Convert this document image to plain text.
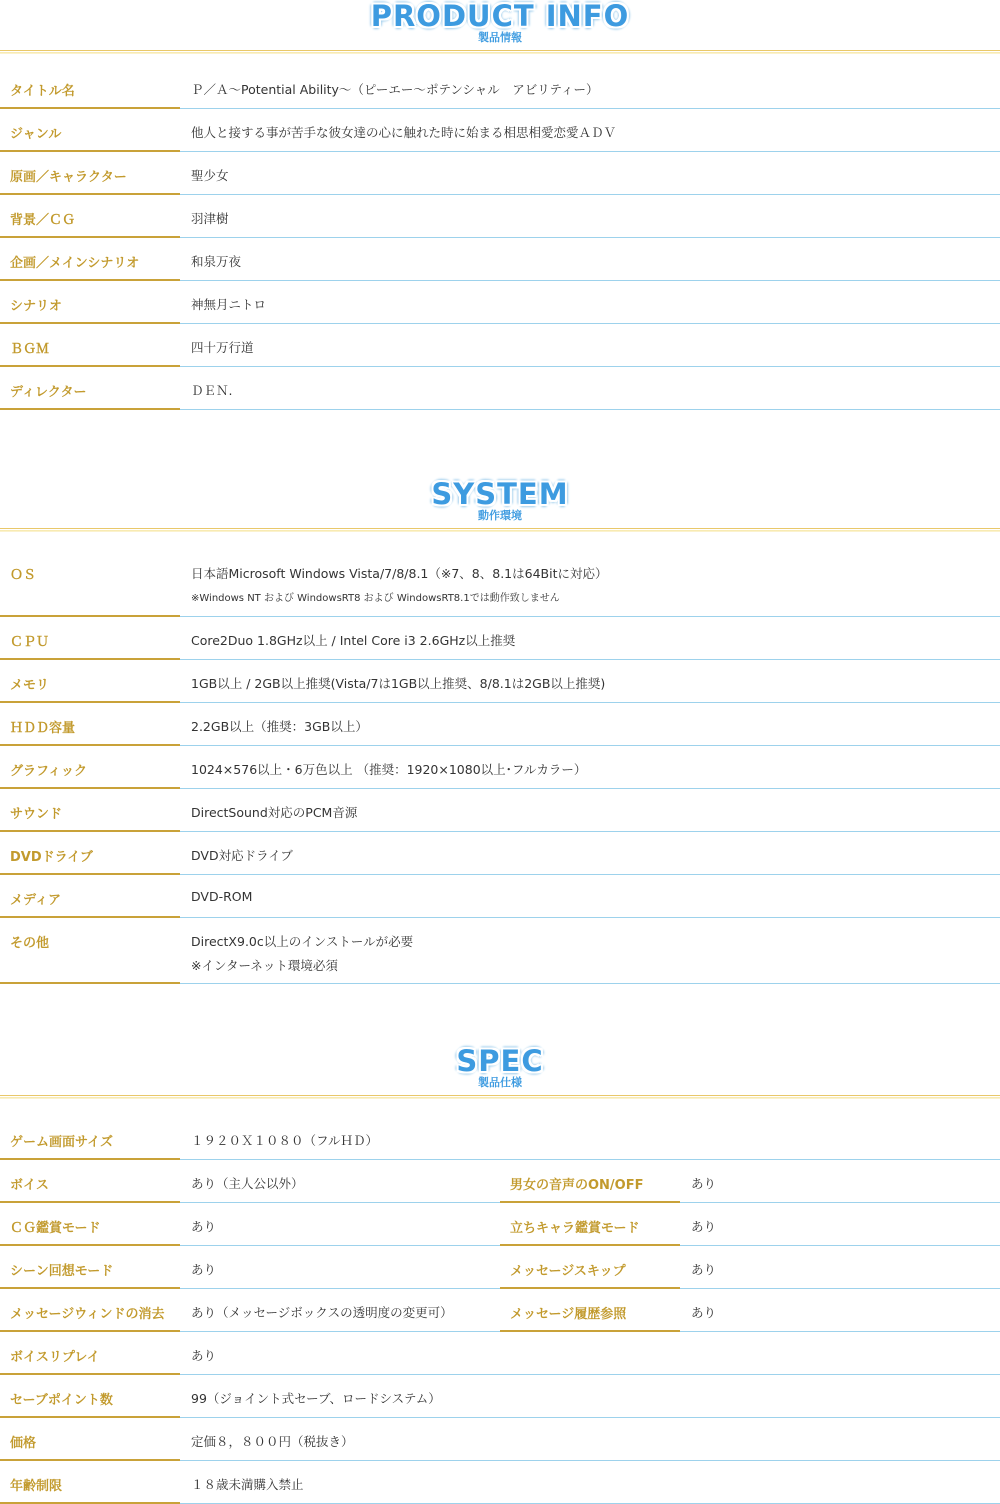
PRODUCT INFO
製品情報
タイトル名	Ｐ／Ａ～Potential Ability～（ピーエー～ポテンシャル　アビリティー）
ジャンル	他人と接する事が苦手な彼女達の心に触れた時に始まる相思相愛恋愛ＡＤＶ
原画／キャラクター	聖少女
背景／ＣＧ	羽津樹
企画／メインシナリオ	和泉万夜
シナリオ	神無月ニトロ
ＢＧＭ	四十万行道
ディレクター	ＤＥＮ.
SYSTEM
動作環境
ＯＳ	日本語Microsoft Windows Vista/7/8/8.1（※7、8、8.1は64Bitに対応）
※Windows NT および WindowsRT8 および WindowsRT8.1では動作致しません
ＣＰＵ	Core2Duo 1.8GHz以上 / Intel Core i3 2.6GHz以上推奨
メモリ	1GB以上 / 2GB以上推奨(Vista/7は1GB以上推奨、8/8.1は2GB以上推奨)
ＨＤＤ容量	2.2GB以上（推奨：3GB以上）
グラフィック	1024×576以上・6万色以上 （推奨：1920×1080以上･フルカラー）
サウンド	DirectSound対応のPCM音源
DVDドライブ	DVD対応ドライブ
メディア	DVD-ROM
その他	DirectX9.0c以上のインストールが必要
※インターネット環境必須
SPEC
製品仕様
ゲーム画面サイズ	１９２０Ｘ１０８０（フルＨＤ）
ボイス	あり（主人公以外）	男女の音声のON/OFF	あり
ＣＧ鑑賞モード	あり	立ちキャラ鑑賞モード	あり
シーン回想モード	あり	メッセージスキップ	あり
メッセージウィンドの消去 あり（メッセージボックスの透明度の変更可）	メッセージ履歴参照	あり
ボイスリプレイ	あり
セーブポイント数	99（ジョイント式セーブ、ロードシステム）
価格	定価８，８００円（税抜き）
年齢制限	１８歳未満購入禁止
